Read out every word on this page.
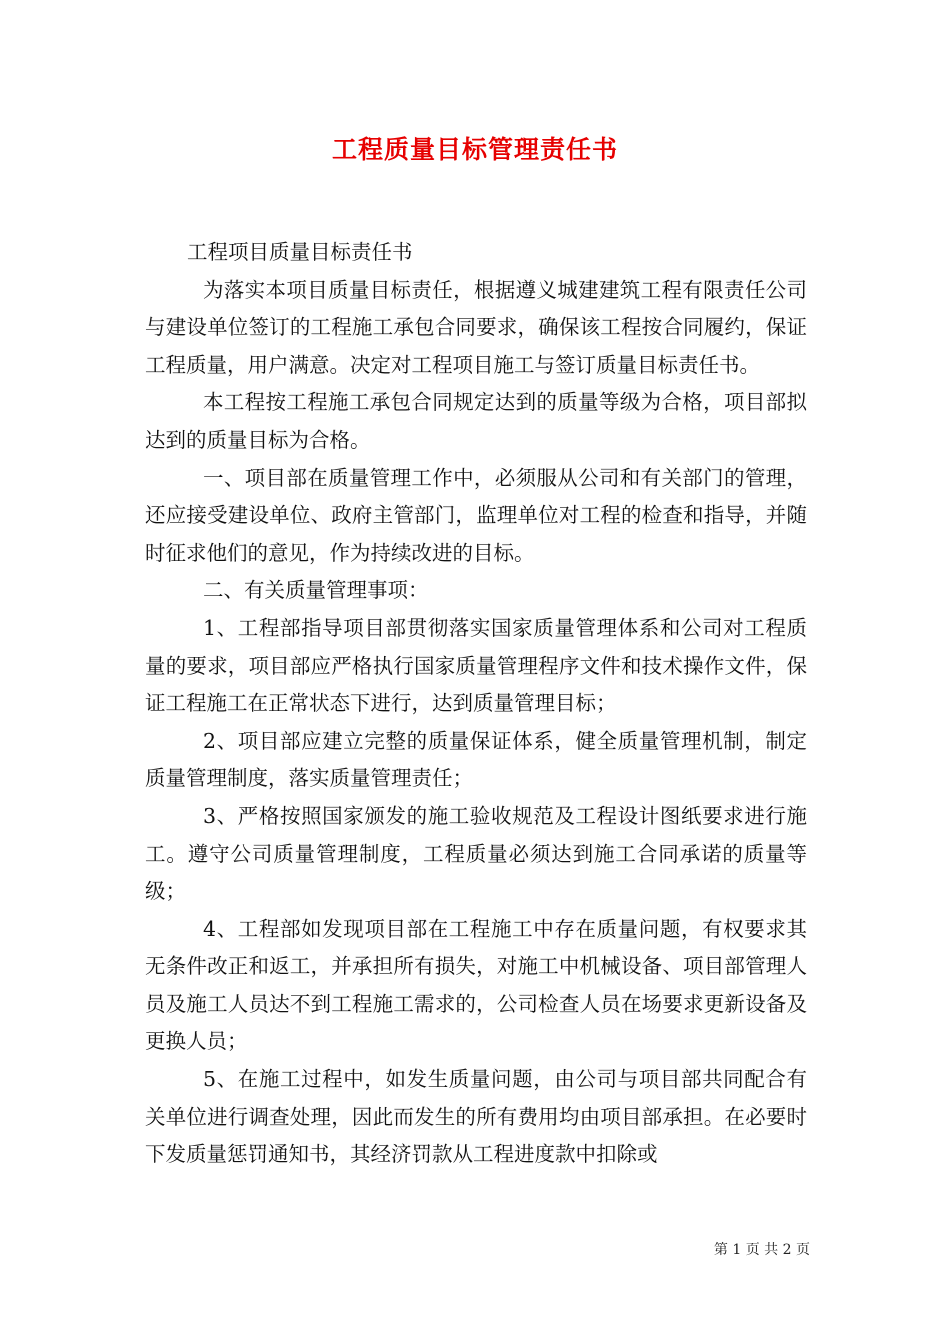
工程质量目标管理责任书

工程项目质量目标责任书

为落实本项目质量目标责任，根据遵义城建建筑工程有限责任公司与建设单位签订的工程施工承包合同要求，确保该工程按合同履约，保证工程质量，用户满意。决定对工程项目施工与签订质量目标责任书。

本工程按工程施工承包合同规定达到的质量等级为合格，项目部拟达到的质量目标为合格。

一、项目部在质量管理工作中，必须服从公司和有关部门的管理，还应接受建设单位、政府主管部门，监理单位对工程的检查和指导，并随时征求他们的意见，作为持续改进的目标。

二、有关质量管理事项：

1、工程部指导项目部贯彻落实国家质量管理体系和公司对工程质量的要求，项目部应严格执行国家质量管理程序文件和技术操作文件，保证工程施工在正常状态下进行，达到质量管理目标；

2、项目部应建立完整的质量保证体系，健全质量管理机制，制定质量管理制度，落实质量管理责任；

3、严格按照国家颁发的施工验收规范及工程设计图纸要求进行施工。遵守公司质量管理制度，工程质量必须达到施工合同承诺的质量等级；

4、工程部如发现项目部在工程施工中存在质量问题，有权要求其无条件改正和返工，并承担所有损失，对施工中机械设备、项目部管理人员及施工人员达不到工程施工需求的，公司检查人员在场要求更新设备及更换人员；

5、在施工过程中，如发生质量问题，由公司与项目部共同配合有关单位进行调查处理，因此而发生的所有费用均由项目部承担。在必要时下发质量惩罚通知书，其经济罚款从工程进度款中扣除或

第 1 页 共 2 页
